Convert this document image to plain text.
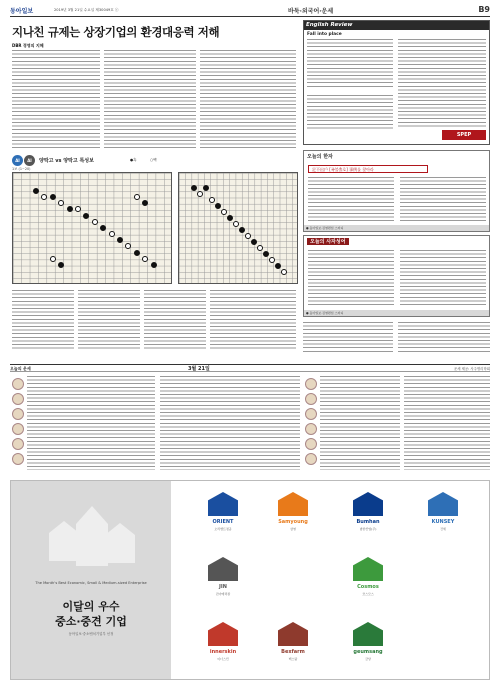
동아일보	2019년 3월 21일 수요일 제30049호 ⓒ	바둑·외국어·운세	B9
지나친 규제는 상장기업의 환경대응력 저해
DBR 경영의 지혜
AI	AI	양딱고 vs 양딱고 특성보
1보 (1~20)
●흑	○백
English Review
Fall into place
SPEP
오늘의 한자
足不出戶 [족불출호] 事例를 찾아라
● 동아일보·김영편입 스터디
오늘의 사자성어
● 동아일보·김영편입 스터디
오늘의 운세	3월 21일	운세 제공: 사주명리학회
The Month's Best Economic, Small & Medium-sized Enterprise
이달의 우수
중소·중견 기업
동아일보·중소벤처기업부 선정
ORIENT
오리엔트정공
Samyoung
삼영
Bumhan
범한산업(주)
KUNSEY
건세
JIN
진아메리칼
Cosmos
코스모스
innerskin
이너스킨
Bexfarm
벡스팜
geumsang
금상
